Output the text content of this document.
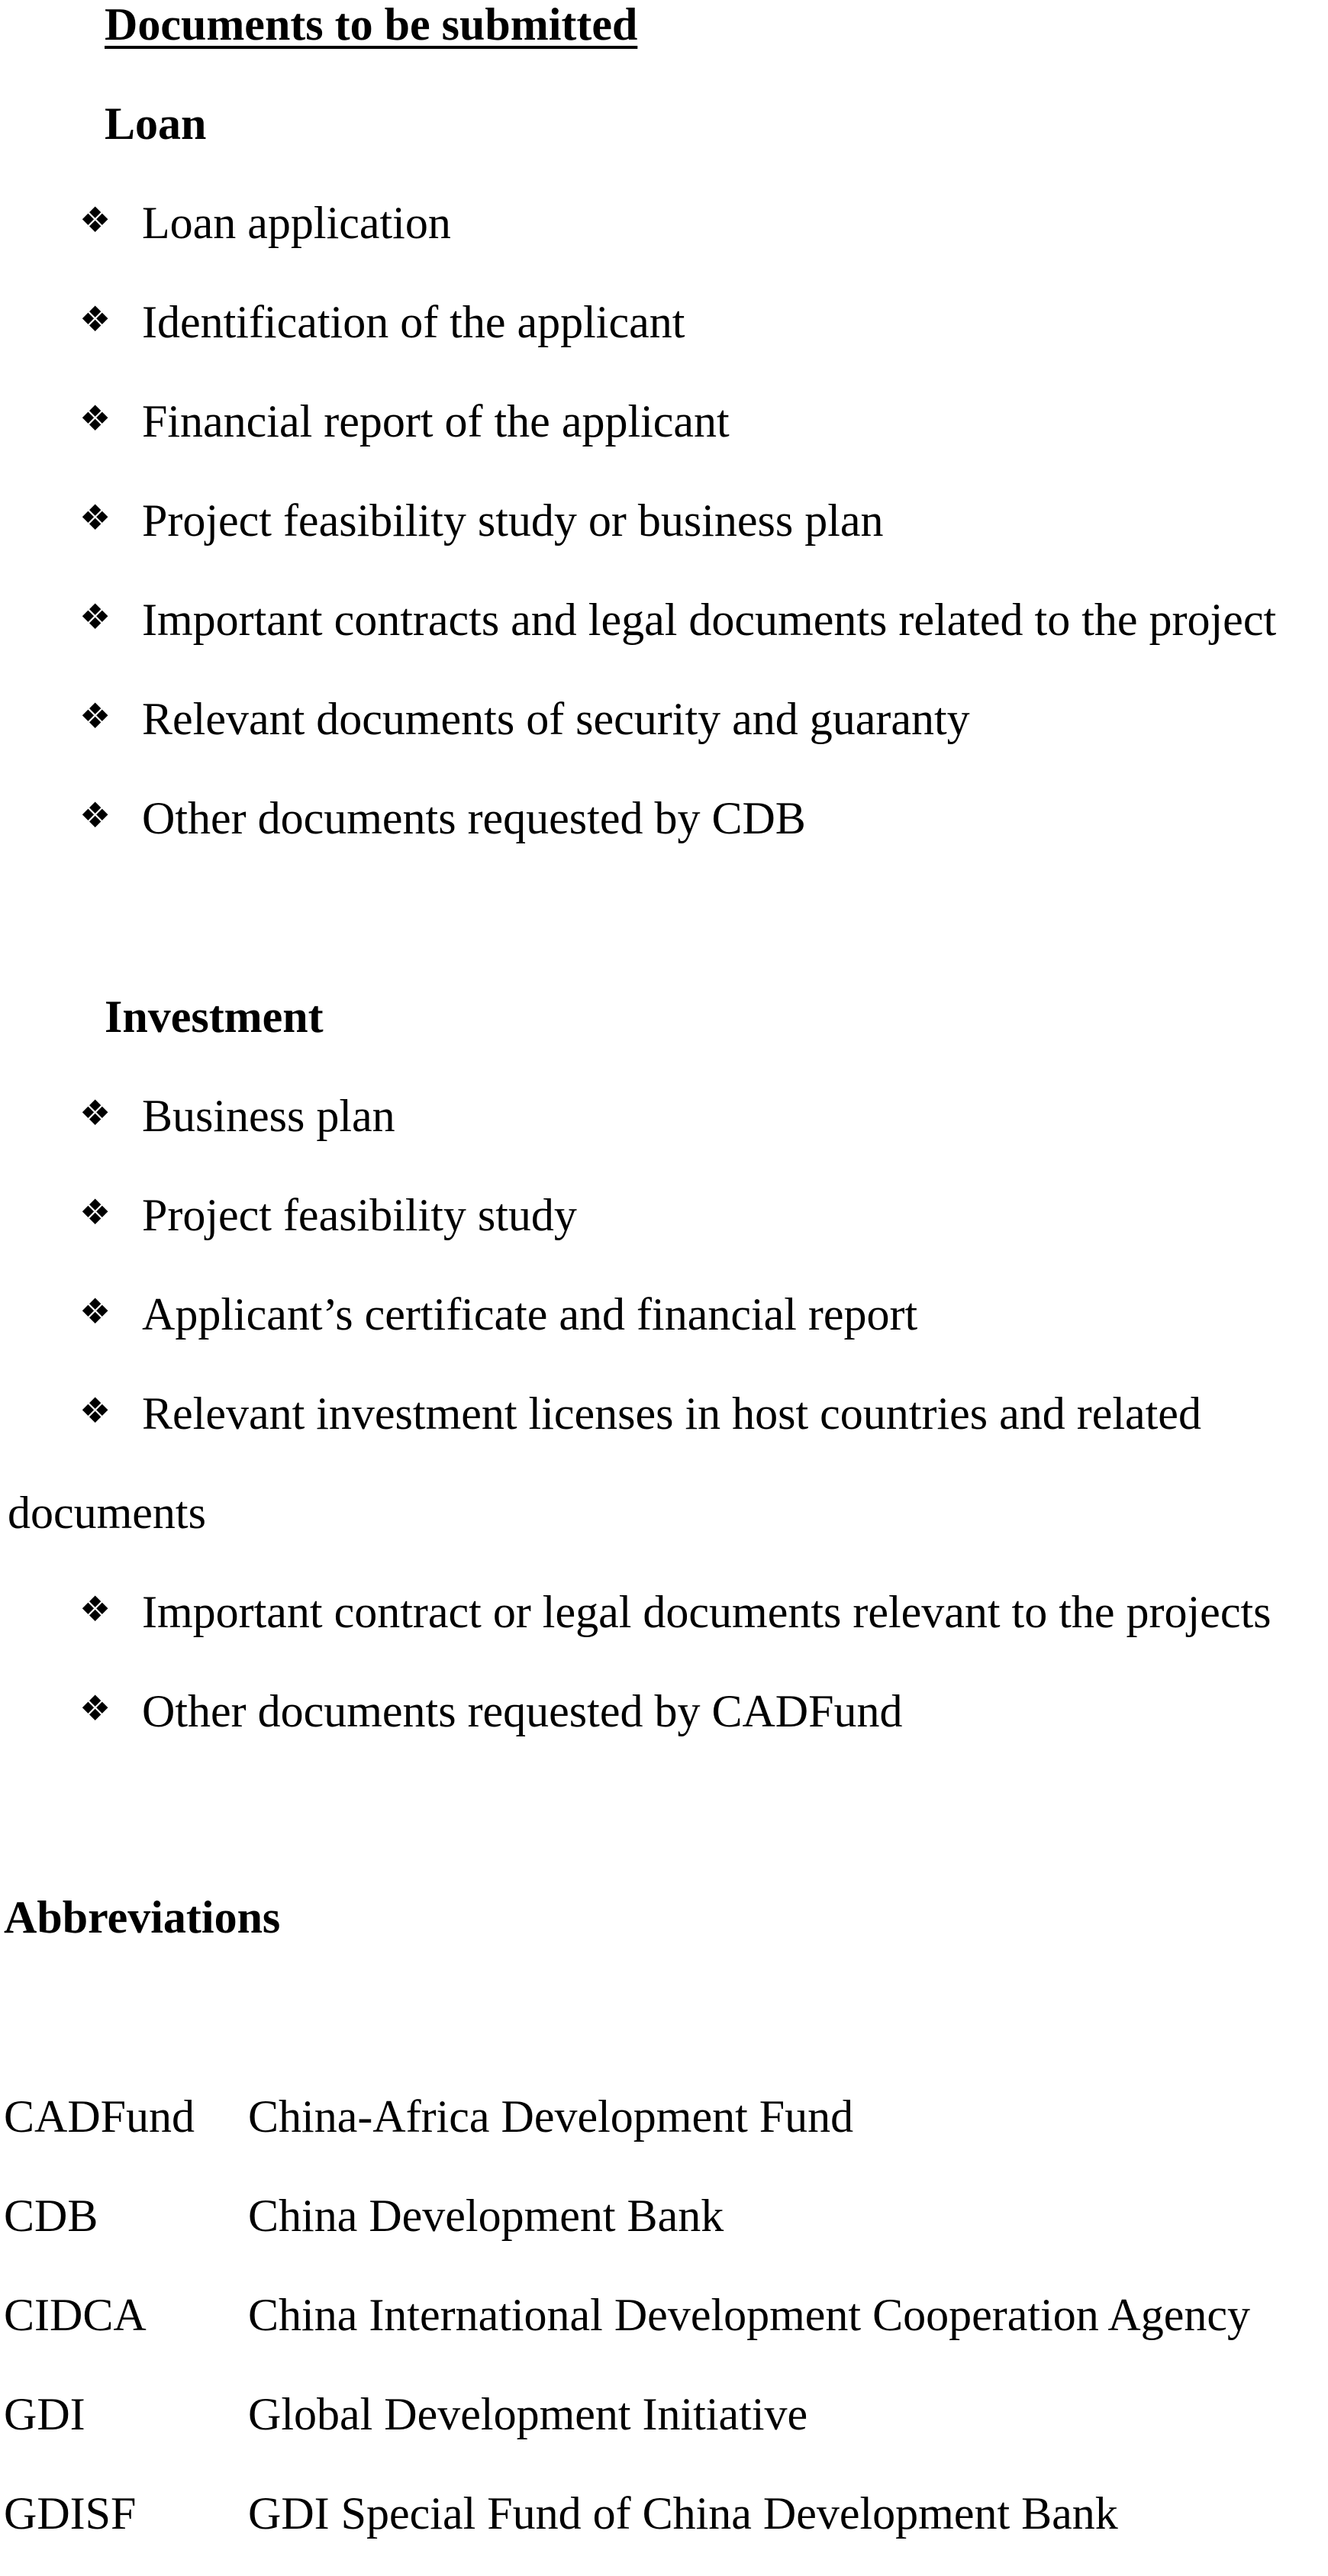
Documents to be submitted
Loan
❖ Loan application
❖ Identification of the applicant
❖ Financial report of the applicant
❖ Project feasibility study or business plan
❖ Important contracts and legal documents related to the project
❖ Relevant documents of security and guaranty
❖ Other documents requested by CDB
Investment
❖ Business plan
❖ Project feasibility study
❖ Applicant’s certificate and financial report
❖ Relevant investment licenses in host countries and related
documents
❖ Important contract or legal documents relevant to the projects
❖ Other documents requested by CADFund
Abbreviations
CADFund China-Africa Development Fund
CDB	China Development Bank
CIDCA China International Development Cooperation Agency
GDI	Global Development Initiative
GDISF GDI Special Fund of China Development Bank
